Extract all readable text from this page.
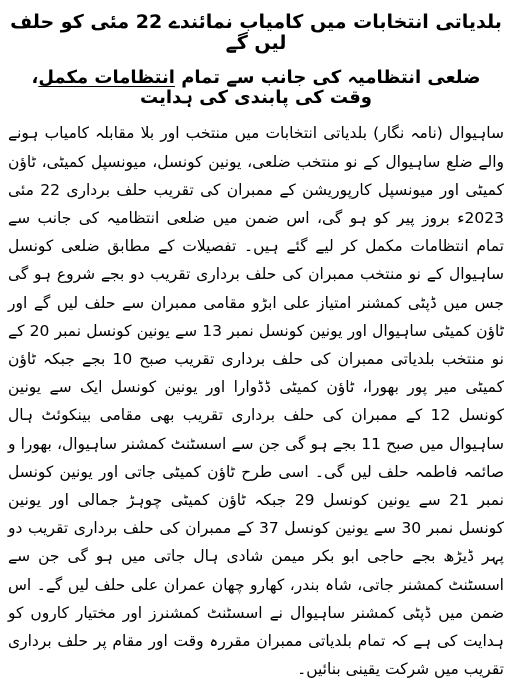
بلدیاتی انتخابات میں کامیاب نمائندے 22 مئی کو حلف لیں گے
ضلعی انتظامیہ کی جانب سے تمام انتظامات مکمل، وقت کی پابندی کی ہدایت

ساہیوال (نامہ نگار) بلدیاتی انتخابات میں منتخب اور بلا مقابلہ کامیاب ہونے والے ضلع ساہیوال کے نو منتخب ضلعی، یونین کونسل، میونسپل کمیٹی، ٹاؤن کمیٹی اور میونسپل کارپوریشن کے ممبران کی تقریب حلف برداری 22 مئی 2023ء بروز پیر کو ہو گی، اس ضمن میں ضلعی انتظامیہ کی جانب سے تمام انتظامات مکمل کر لیے گئے ہیں۔ تفصیلات کے مطابق ضلعی کونسل ساہیوال کے نو منتخب ممبران کی حلف برداری تقریب دو بجے شروع ہو گی جس میں ڈپٹی کمشنر امتیاز علی ابڑو مقامی ممبران سے حلف لیں گے اور ٹاؤن کمیٹی ساہیوال اور یونین کونسل نمبر 13 سے یونین کونسل نمبر 20 کے نو منتخب بلدیاتی ممبران کی حلف برداری تقریب صبح 10 بجے جبکہ ٹاؤن کمیٹی میر پور بھورا، ٹاؤن کمیٹی ڈڈوارا اور یونین کونسل ایک سے یونین کونسل 12 کے ممبران کی حلف برداری تقریب بھی مقامی بینکوئٹ ہال ساہیوال میں صبح 11 بجے ہو گی جن سے اسسٹنٹ کمشنر ساہیوال، بھورا و صائمہ فاطمہ حلف لیں گی۔ اسی طرح ٹاؤن کمیٹی جاتی اور یونین کونسل نمبر 21 سے یونین کونسل 29 جبکہ ٹاؤن کمیٹی چوہڑ جمالی اور یونین کونسل نمبر 30 سے یونین کونسل 37 کے ممبران کی حلف برداری تقریب دو پہر ڈیڑھ بجے حاجی ابو بکر میمن شادی ہال جاتی میں ہو گی جن سے اسسٹنٹ کمشنر جاتی، شاہ بندر، کھارو چھان عمران علی حلف لیں گے۔ اس ضمن میں ڈپٹی کمشنر ساہیوال نے اسسٹنٹ کمشنرز اور مختیار کاروں کو ہدایت کی ہے کہ تمام بلدیاتی ممبران مقررہ وقت اور مقام پر حلف برداری تقریب میں شرکت یقینی بنائیں۔
